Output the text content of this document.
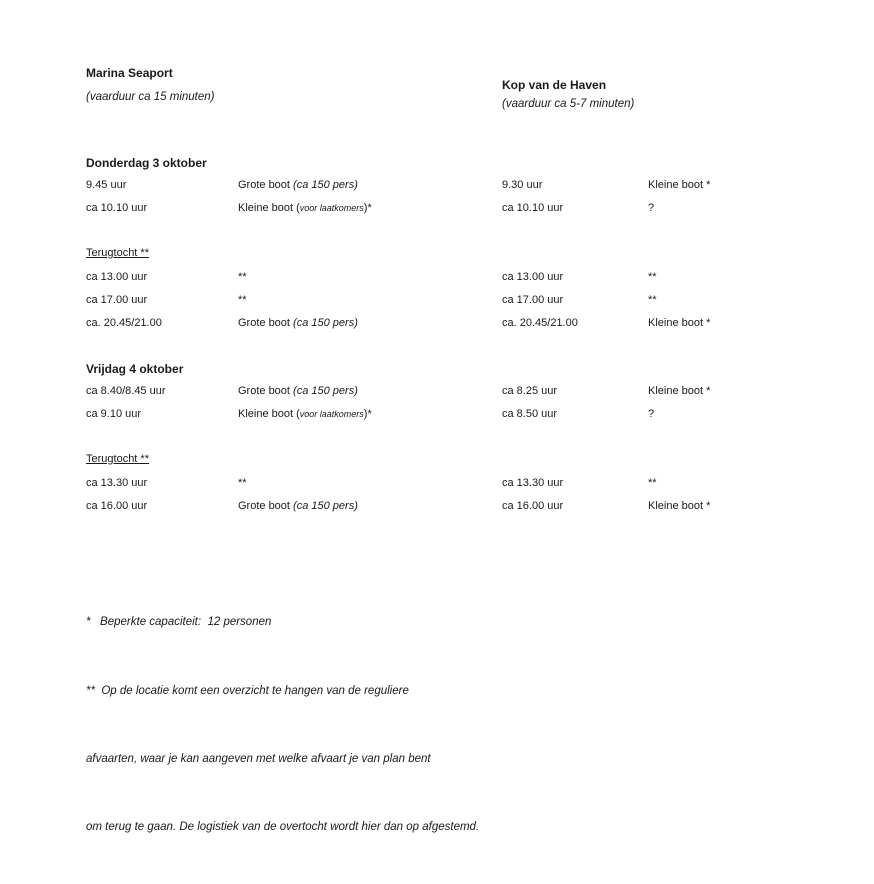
Marina Seaport
(vaarduur ca 15 minuten)
Kop van de Haven
(vaarduur ca 5-7 minuten)
Donderdag 3 oktober
9.45 uur	Grote boot (ca 150 pers)	9.30 uur	Kleine boot *
ca 10.10 uur	Kleine boot (voor laatkomers)*	ca 10.10 uur	?
Terugtocht **
ca 13.00 uur	**	ca 13.00 uur	**
ca 17.00 uur	**	ca 17.00 uur	**
ca. 20.45/21.00	Grote boot (ca 150 pers)	ca. 20.45/21.00	Kleine boot *
Vrijdag 4 oktober
ca 8.40/8.45 uur	Grote boot (ca 150 pers)	ca 8.25 uur	Kleine boot *
ca 9.10 uur	Kleine boot (voor laatkomers)*	ca 8.50 uur	?
Terugtocht **
ca 13.30 uur	**	ca 13.30 uur	**
ca 16.00 uur	Grote boot (ca 150 pers)	ca 16.00 uur	Kleine boot *

*   Beperkte capaciteit:  12 personen

**  Op de locatie komt een overzicht te hangen van de reguliere

afvaarten, waar je kan aangeven met welke afvaart je van plan bent

om terug te gaan. De logistiek van de overtocht wordt hier dan op afgestemd.
